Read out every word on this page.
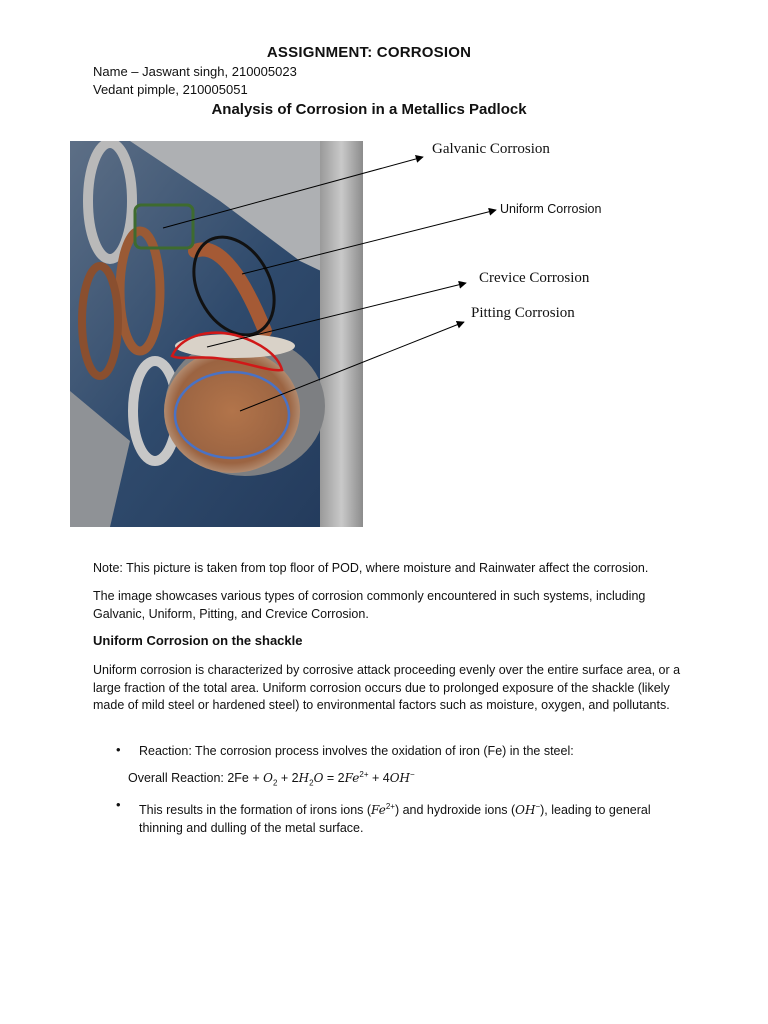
ASSIGNMENT: CORROSION
Name – Jaswant singh, 210005023
Vedant pimple, 210005051
Analysis of Corrosion in a Metallics Padlock
Galvanic Corrosion
Uniform Corrosion
Crevice Corrosion
Pitting Corrosion
Note: This picture is taken from top floor of POD, where moisture and Rainwater affect the corrosion.
The image showcases various types of corrosion commonly encountered in such systems, including Galvanic, Uniform, Pitting, and Crevice Corrosion.
Uniform Corrosion on the shackle
Uniform corrosion is characterized by corrosive attack proceeding evenly over the entire surface area, or a large fraction of the total area. Uniform corrosion occurs due to prolonged exposure of the shackle (likely made of mild steel or hardened steel) to environmental factors such as moisture, oxygen, and pollutants.
• Reaction: The corrosion process involves the oxidation of iron (Fe) in the steel:
Overall Reaction: $2Fe + O_2 + 2H_2O = 2Fe^{2+} + 4OH^-$
• This results in the formation of irons ions $(Fe^{2+})$ and hydroxide ions (OH−), leading to general thinning and dulling of the metal surface.
